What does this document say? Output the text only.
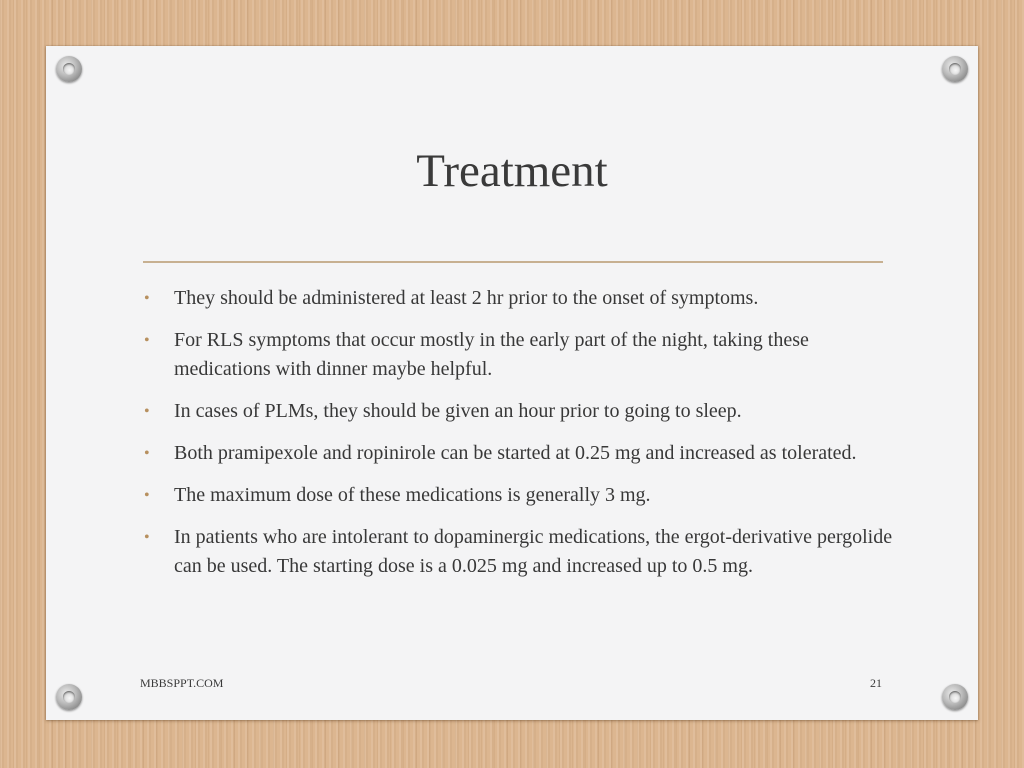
Treatment
• They should be administered at least 2 hr prior to the onset of symptoms.
• For RLS symptoms that occur mostly in the early part of the night, taking these medications with dinner maybe helpful.
• In cases of PLMs, they should be given an hour prior to going to sleep.
• Both pramipexole and ropinirole can be started at 0.25 mg and increased as tolerated.
• The maximum dose of these medications is generally 3 mg.
• In patients who are intolerant to dopaminergic medications, the ergot-derivative pergolide can be used. The starting dose is a 0.025 mg and increased up to 0.5 mg.
MBBSPPT.COM	21
